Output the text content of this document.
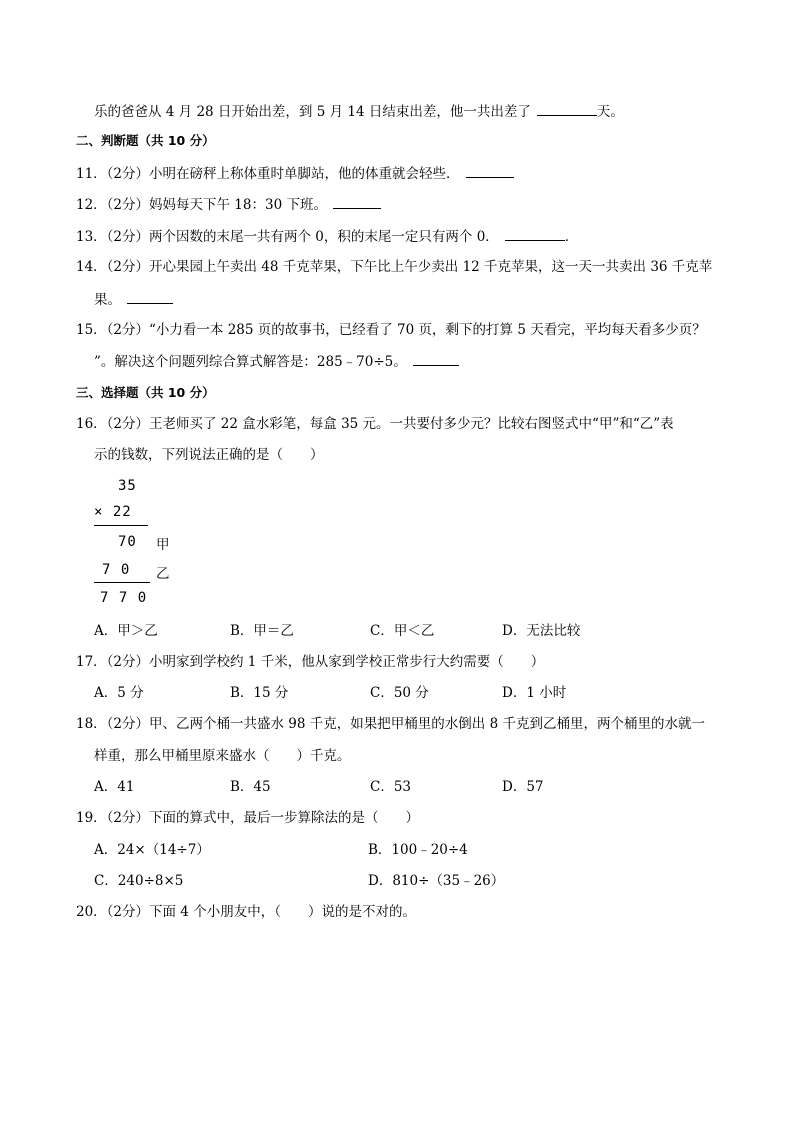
乐的爸爸从 4 月 28 日开始出差，到 5 月 14 日结束出差，他一共出差了	天。
二、判断题（共 10 分）
11．（2分）小明在磅秤上称体重时单脚站，他的体重就会轻些．
12．（2分）妈妈每天下午 18：30 下班。
13．（2分）两个因数的末尾一共有两个 0，积的末尾一定只有两个 0．	．
14．（2分）开心果园上午卖出 48 千克苹果，下午比上午少卖出 12 千克苹果，这一天一共卖出 36 千克苹
果。
15．（2分）“小力看一本 285 页的故事书，已经看了 70 页，剩下的打算 5 天看完，平均每天看多少页？
”。解决这个问题列综合算式解答是：285﹣70÷5。
三、选择题（共 10 分）
16．（2分）王老师买了 22 盒水彩笔，每盒 35 元。一共要付多少元？比较右图竖式中“甲”和“乙”表
示的钱数，下列说法正确的是（　　）
35
× 22
70 甲
7 0 乙
7 7 0
A．甲＞乙	B．甲＝乙	C．甲＜乙	D．无法比较
17．（2分）小明家到学校约 1 千米，他从家到学校正常步行大约需要（　　）
A．5 分	B．15 分	C．50 分	D．1 小时
18．（2分）甲、乙两个桶一共盛水 98 千克，如果把甲桶里的水倒出 8 千克到乙桶里，两个桶里的水就一
样重，那么甲桶里原来盛水（　　）千克。
A．41	B．45	C．53	D．57
19．（2分）下面的算式中，最后一步算除法的是（　　）
A．24×（14÷7）	B．100﹣20÷4
C．240÷8×5	D．810÷（35﹣26）
20．（2分）下面 4 个小朋友中，（　　）说的是不对的。
